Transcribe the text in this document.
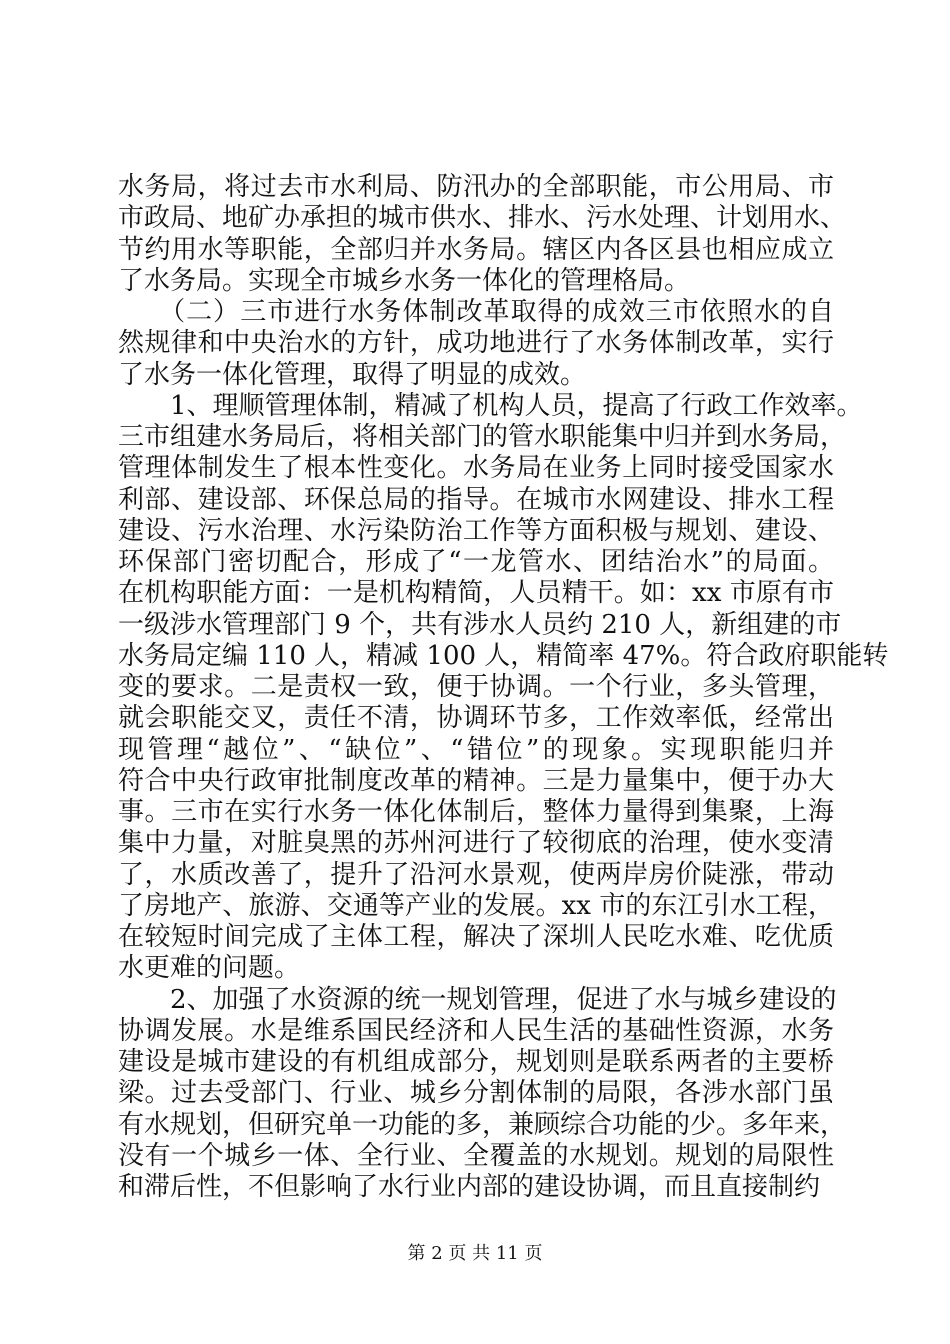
水务局，将过去市水利局、防汛办的全部职能，市公用局、市
市政局、地矿办承担的城市供水、排水、污水处理、计划用水、
节约用水等职能，全部归并水务局。辖区内各区县也相应成立
了水务局。实现全市城乡水务一体化的管理格局。
　　（二）三市进行水务体制改革取得的成效三市依照水的自
然规律和中央治水的方针，成功地进行了水务体制改革，实行
了水务一体化管理，取得了明显的成效。
　　1、理顺管理体制，精减了机构人员，提高了行政工作效率。
三市组建水务局后，将相关部门的管水职能集中归并到水务局，
管理体制发生了根本性变化。水务局在业务上同时接受国家水
利部、建设部、环保总局的指导。在城市水网建设、排水工程
建设、污水治理、水污染防治工作等方面积极与规划、建设、
环保部门密切配合，形成了“一龙管水、团结治水”的局面。
在机构职能方面：一是机构精简，人员精干。如：xx 市原有市
一级涉水管理部门 9 个，共有涉水人员约 210 人，新组建的市
水务局定编 110 人，精减 100 人，精简率 47%。符合政府职能转
变的要求。二是责权一致，便于协调。一个行业，多头管理，
就会职能交叉，责任不清，协调环节多，工作效率低，经常出
现管理“越位”、“缺位”、“错位”的现象。实现职能归并
符合中央行政审批制度改革的精神。三是力量集中，便于办大
事。三市在实行水务一体化体制后，整体力量得到集聚，上海
集中力量，对脏臭黑的苏州河进行了较彻底的治理，使水变清
了，水质改善了，提升了沿河水景观，使两岸房价陡涨，带动
了房地产、旅游、交通等产业的发展。xx 市的东江引水工程，
在较短时间完成了主体工程，解决了深圳人民吃水难、吃优质
水更难的问题。
　　2、加强了水资源的统一规划管理，促进了水与城乡建设的
协调发展。水是维系国民经济和人民生活的基础性资源，水务
建设是城市建设的有机组成部分，规划则是联系两者的主要桥
梁。过去受部门、行业、城乡分割体制的局限，各涉水部门虽
有水规划，但研究单一功能的多，兼顾综合功能的少。多年来，
没有一个城乡一体、全行业、全覆盖的水规划。规划的局限性
和滞后性，不但影响了水行业内部的建设协调，而且直接制约
第 2 页 共 11 页
